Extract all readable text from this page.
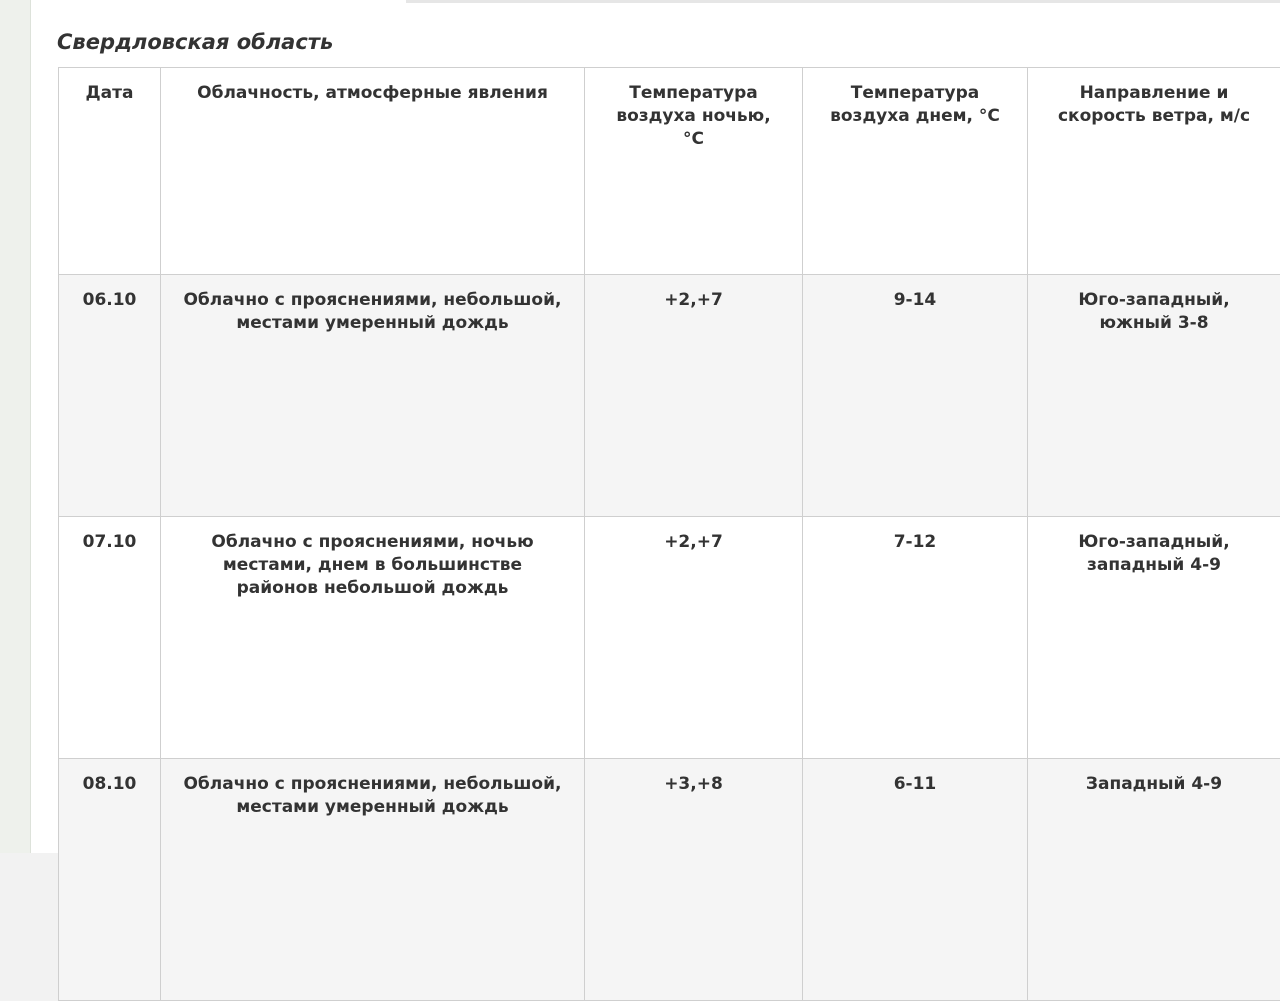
Свердловская область
Дата	Облачность, атмосферные явления	Температура воздуха ночью, °C	Температура воздуха днем, °C	Направление и скорость ветра, м/с
06.10	Облачно с прояснениями, небольшой, местами умеренный дождь	+2,+7	9-14	Юго-западный, южный 3-8
07.10	Облачно с прояснениями, ночью местами, днем в большинстве районов небольшой дождь	+2,+7	7-12	Юго-западный, западный 4-9
08.10	Облачно с прояснениями, небольшой, местами умеренный дождь	+3,+8	6-11	Западный 4-9
